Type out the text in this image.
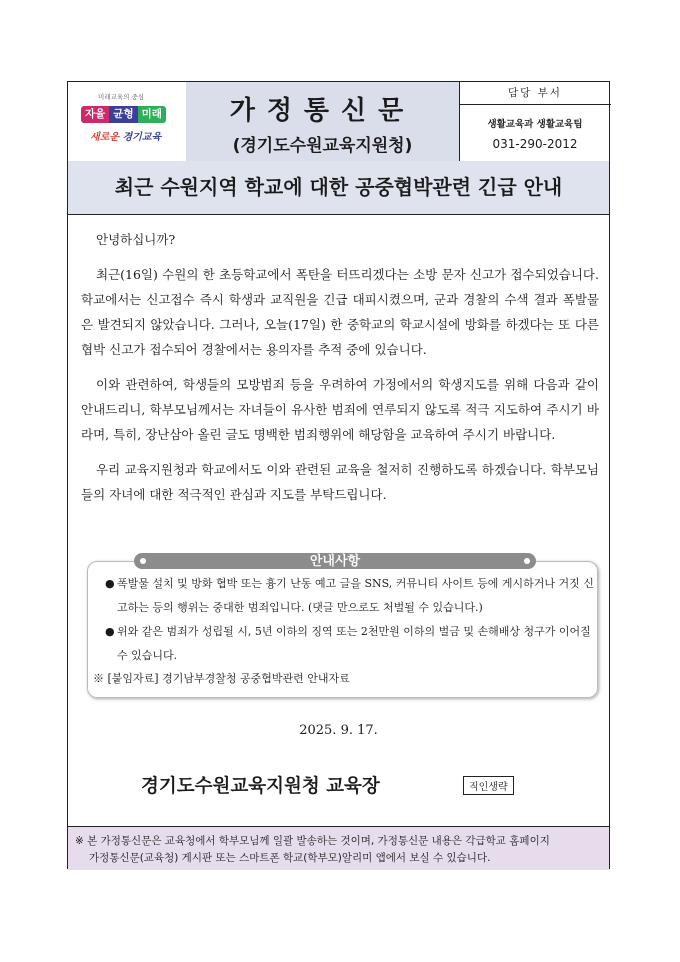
미래교육의 중심
자율 균형 미래
새로운 경기교육
가정통신문
(경기도수원교육지원청)
담당 부서
생활교육과 생활교육팀
031-290-2012
최근 수원지역 학교에 대한 공중협박관련 긴급 안내

안녕하십니까?

최근(16일) 수원의 한 초등학교에서 폭탄을 터뜨리겠다는 소방 문자 신고가 접수되었습니다. 학교에서는 신고접수 즉시 학생과 교직원을 긴급 대피시켰으며, 군과 경찰의 수색 결과 폭발물은 발견되지 않았습니다. 그러나, 오늘(17일) 한 중학교의 학교시설에 방화를 하겠다는 또 다른 협박 신고가 접수되어 경찰에서는 용의자를 추적 중에 있습니다.

이와 관련하여, 학생들의 모방범죄 등을 우려하여 가정에서의 학생지도를 위해 다음과 같이 안내드리니, 학부모님께서는 자녀들이 유사한 범죄에 연루되지 않도록 적극 지도하여 주시기 바라며, 특히, 장난삼아 올린 글도 명백한 범죄행위에 해당함을 교육하여 주시기 바랍니다.

우리 교육지원청과 학교에서도 이와 관련된 교육을 철저히 진행하도록 하겠습니다. 학부모님들의 자녀에 대한 적극적인 관심과 지도를 부탁드립니다.

안내사항
● 폭발물 설치 및 방화 협박 또는 흉기 난동 예고 글을 SNS, 커뮤니티 사이트 등에 게시하거나 거짓 신고하는 등의 행위는 중대한 범죄입니다. (댓글 만으로도 처벌될 수 있습니다.)
● 위와 같은 범죄가 성립될 시, 5년 이하의 징역 또는 2천만원 이하의 벌금 및 손해배상 청구가 이어질 수 있습니다.
※ [붙임자료] 경기남부경찰청 공중협박관련 안내자료
2025. 9. 17.
경기도수원교육지원청 교육장	직인생략
※ 본 가정통신문은 교육청에서 학부모님께 일괄 발송하는 것이며, 가정통신문 내용은 각급학교 홈페이지
가정통신문(교육청) 게시판 또는 스마트폰 학교(학부모)알리미 앱에서 보실 수 있습니다.
